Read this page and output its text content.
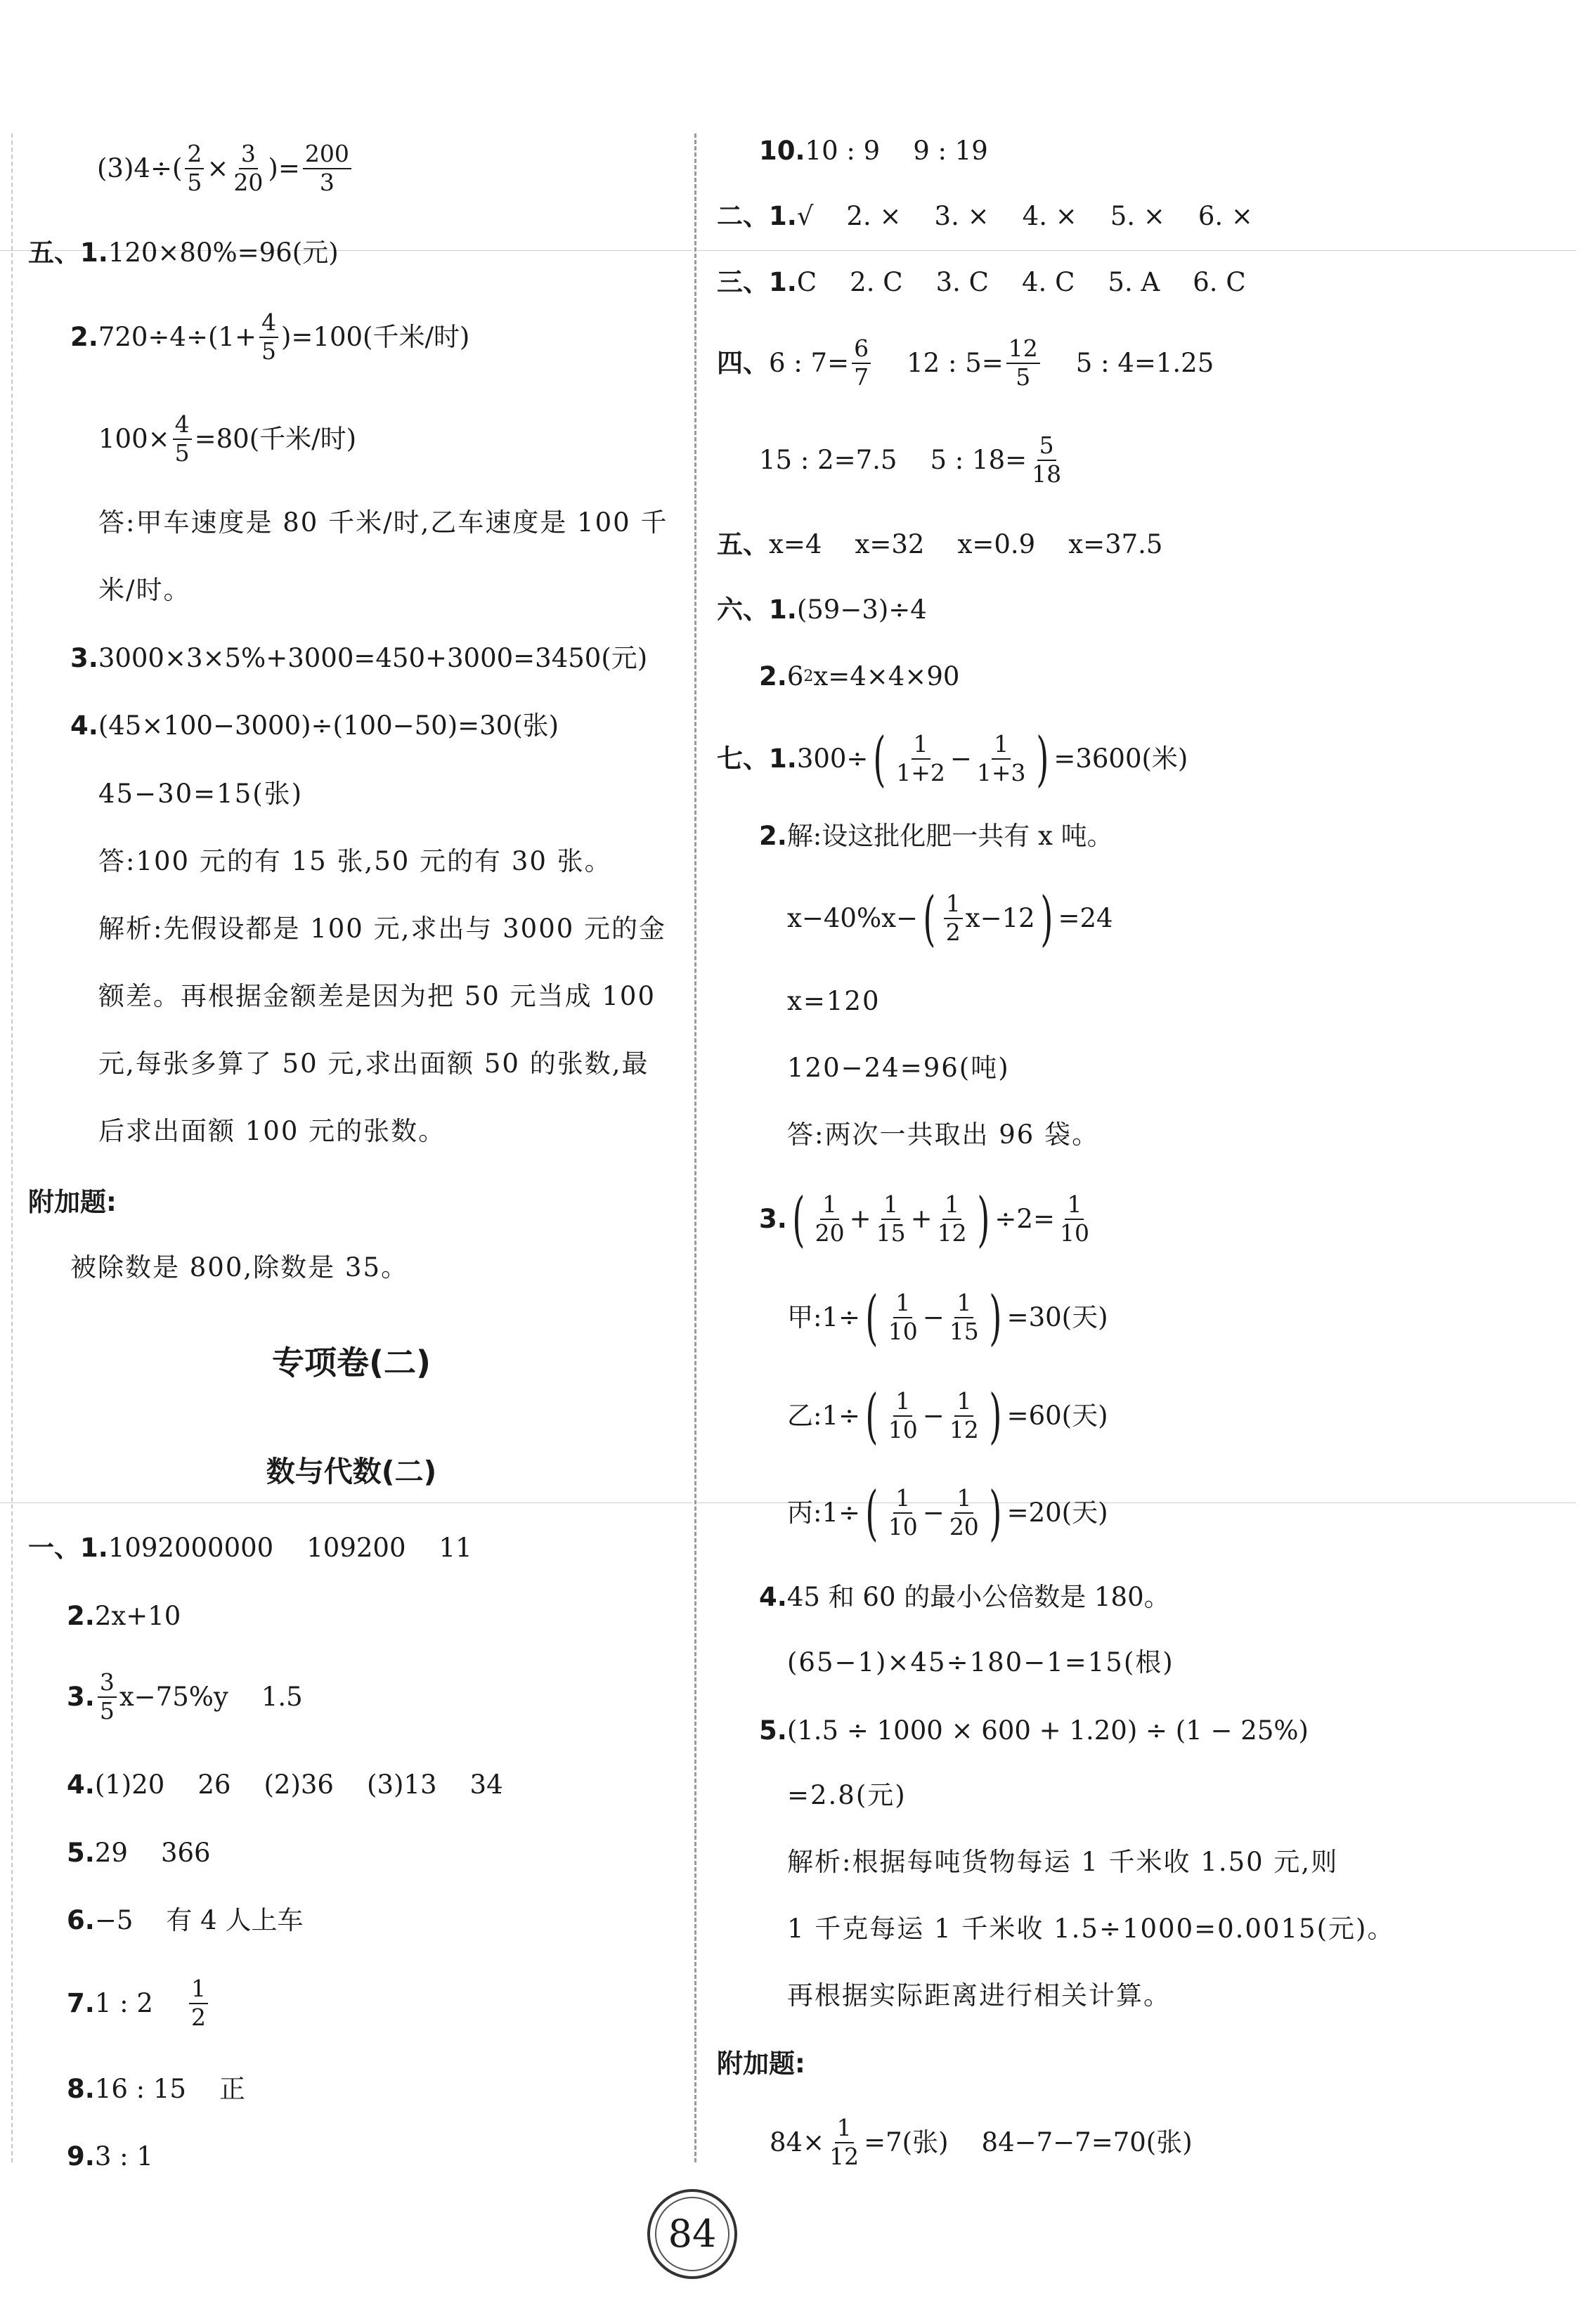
$(3)4\div( \frac{2}{5} \times \frac{3}{20}$ )= $\frac{200}{3}$
五、1. 120×80%=96(元)
2. $720\div 4\div(1+ \frac{4}{5} )=100$(千米/时)
$100\times \frac{4}{5} =80$(千米/时)
答:甲车速度是 80 千米/时,乙车速度是 100 千
米/时。
3. 3000×3×5%+3000=450+3000=3450(元)
4. (45×100−3000)÷(100−50)=30(张)
45−30=15(张)
答:100 元的有 15 张,50 元的有 30 张。
解析:先假设都是 100 元,求出与 3000 元的金
额差。再根据金额差是因为把 50 元当成 100
元,每张多算了 50 元,求出面额 50 的张数,最
后求出面额 100 元的张数。
附加题:
被除数是 800,除数是 35。
专项卷(二)
数与代数(二)
一、1. 1092000000    109200    11
2. 2x+10
3. $\frac{3}{5} x-75\%y$    1.5
4. (1)20    26    (2)36    (3)13    34
5. 29    366
6. −5    有 4 人上车
7. 1 : $2 \frac{1}{2}$
8. 16 : 15    正
9. 3 : 1
10. 10 : 9    9 : 19
二、1. √    2. ×    3. ×    4. ×    5. ×    6. ×
三、1. C    2. C    3. C    4. C    5. A    6. C
四、 6 : $7= \frac{6}{7} 12$ : $5= \frac{12}{5} 5$ : 4=1.25
15 : 2=7.5    5 : $18= \frac{5}{18}$
五、 x=4    x=32    x=0.9    x=37.5
六、1. (59−3)÷4
2. 6 2 x=4×4×90
七、1. 300÷ ( $\frac{1}{1+2} - \frac{1}{1+3}$ ) =3600(米)
2. 解:设这批化肥一共有 x 吨。
x−40%x− ( $\frac{1}{2} x-12$ ) =24
x=120
120−24=96(吨)
答:两次一共取出 96 袋。
3. ( $\frac{1}{20} + \frac{1}{15} + \frac{1}{12}$ ) $\div 2= \frac{1}{10}$
甲:1÷ ( $\frac{1}{10} - \frac{1}{15}$ ) =30(天)
乙:1÷ ( $\frac{1}{10} - \frac{1}{12}$ ) =60(天)
丙:1÷ ( $\frac{1}{10} - \frac{1}{20}$ ) =20(天)
4. 45 和 60 的最小公倍数是 180。
(65−1)×45÷180−1=15(根)
5. (1.5 ÷ 1000 × 600 + 1.20) ÷ (1 − 25%)
=2.8(元)
解析:根据每吨货物每运 1 千米收 1.50 元,则
1 千克每运 1 千米收 1.5÷1000=0.0015(元)。
再根据实际距离进行相关计算。
附加题:
$84\times \frac{1}{12} =7$(张)    84−7−7=70(张)
84
